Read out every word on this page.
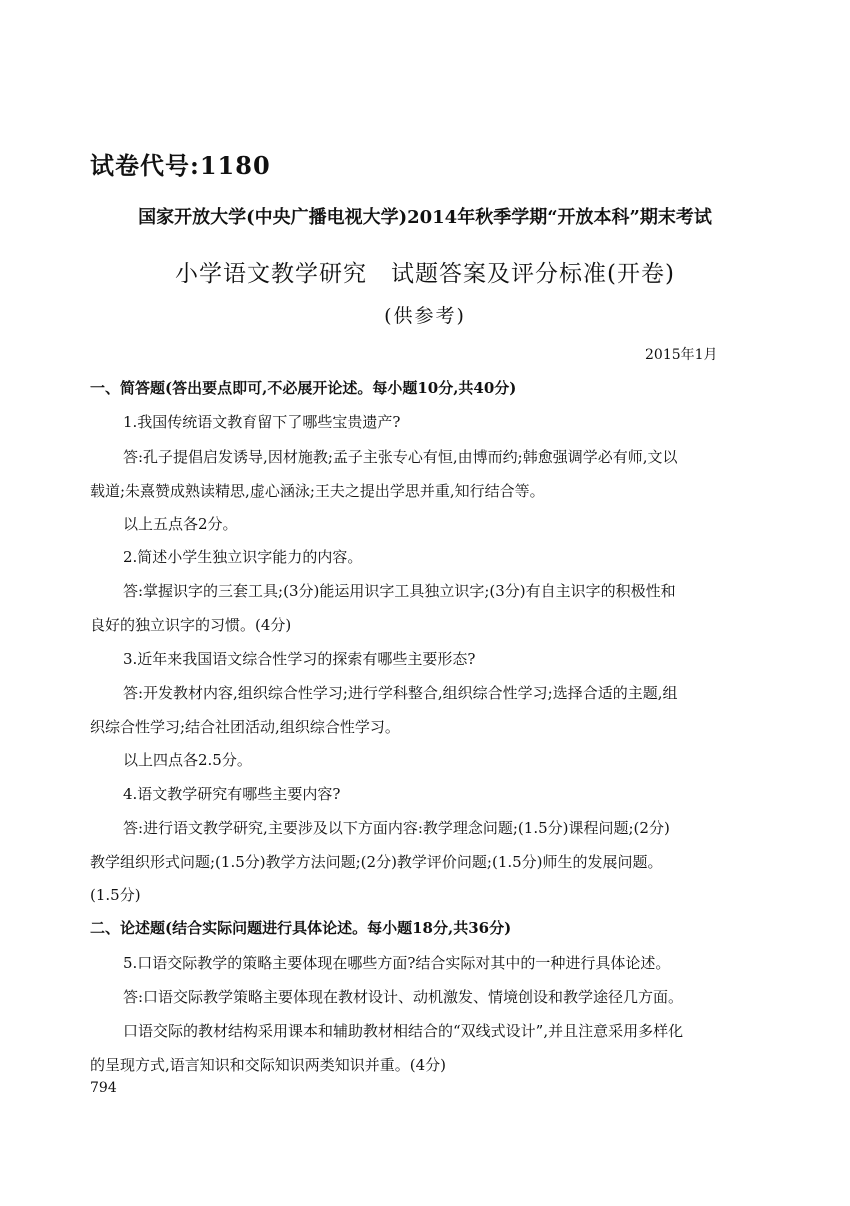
试卷代号:1180
国家开放大学(中央广播电视大学)2014年秋季学期“开放本科”期末考试
小学语文教学研究　试题答案及评分标准(开卷)
(供参考)
2015年1月
一、简答题(答出要点即可,不必展开论述。每小题10分,共40分)
1.我国传统语文教育留下了哪些宝贵遗产?
答:孔子提倡启发诱导,因材施教;孟子主张专心有恒,由博而约;韩愈强调学必有师,文以
载道;朱熹赞成熟读精思,虚心涵泳;王夫之提出学思并重,知行结合等。
以上五点各2分。
2.简述小学生独立识字能力的内容。
答:掌握识字的三套工具;(3分)能运用识字工具独立识字;(3分)有自主识字的积极性和
良好的独立识字的习惯。(4分)
3.近年来我国语文综合性学习的探索有哪些主要形态?
答:开发教材内容,组织综合性学习;进行学科整合,组织综合性学习;选择合适的主题,组
织综合性学习;结合社团活动,组织综合性学习。
以上四点各2.5分。
4.语文教学研究有哪些主要内容?
答:进行语文教学研究,主要涉及以下方面内容:教学理念问题;(1.5分)课程问题;(2分)
教学组织形式问题;(1.5分)教学方法问题;(2分)教学评价问题;(1.5分)师生的发展问题。
(1.5分)
二、论述题(结合实际问题进行具体论述。每小题18分,共36分)
5.口语交际教学的策略主要体现在哪些方面?结合实际对其中的一种进行具体论述。
答:口语交际教学策略主要体现在教材设计、动机激发、情境创设和教学途径几方面。
口语交际的教材结构采用课本和辅助教材相结合的“双线式设计”,并且注意采用多样化
的呈现方式,语言知识和交际知识两类知识并重。(4分)
794
